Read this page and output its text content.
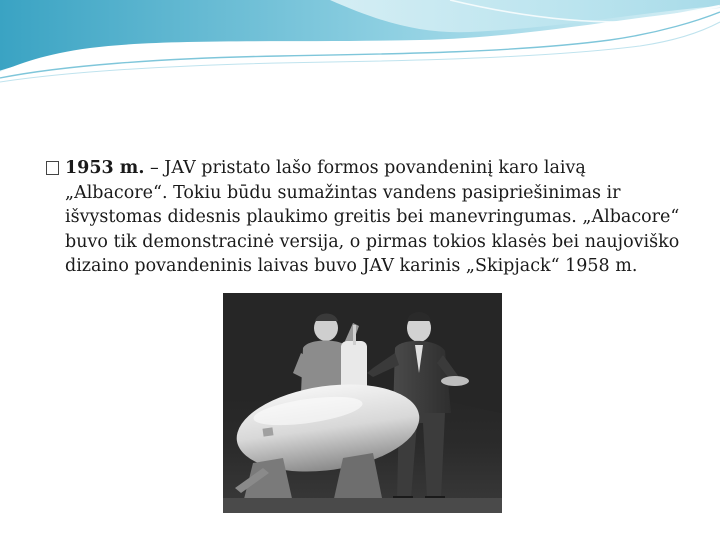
1953 m. – JAV pristato lašo formos povandeninį karo laivą „Albacore“. Tokiu būdu sumažintas vandens pasipriešinimas ir išvystomas didesnis plaukimo greitis bei manevringumas. „Albacore“ buvo tik demonstracinė versija, o pirmas tokios klasės bei naujoviško dizaino povandeninis laivas buvo JAV karinis „Skipjack“ 1958 m.
